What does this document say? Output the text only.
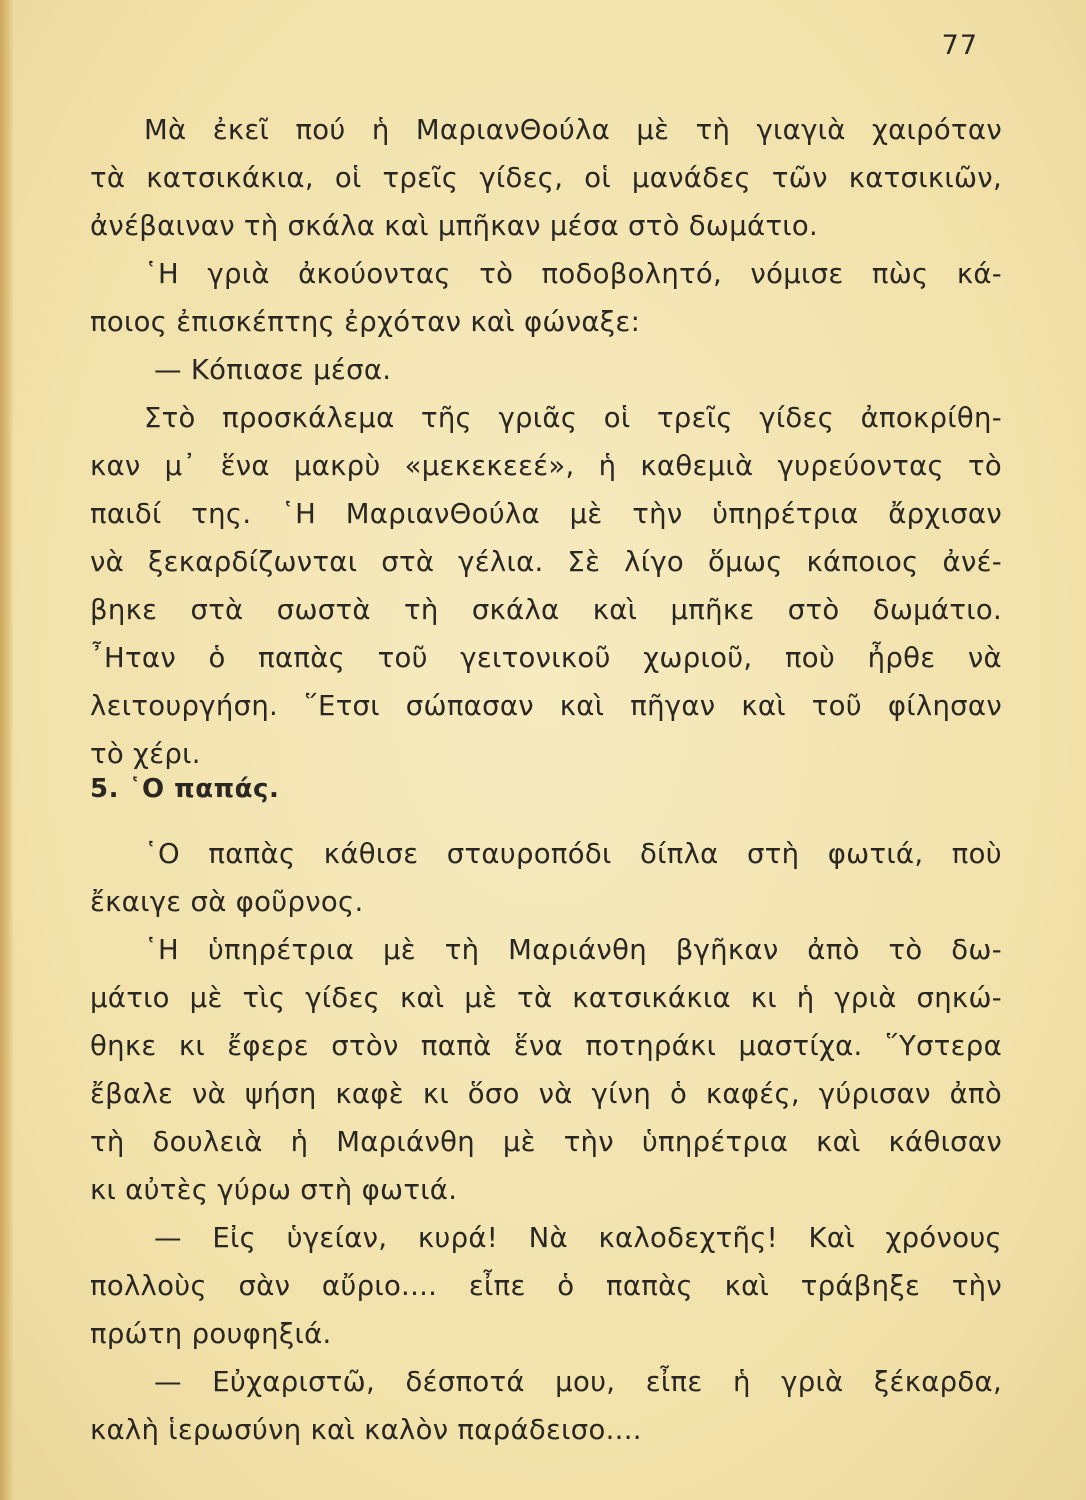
77
Μὰ ἐκεῖ πού ἡ ΜαριανΘούλα μὲ τὴ γιαγιὰ χαιρόταν
τὰ κατσικάκια, οἱ τρεῖς γίδες, οἱ μανάδες τῶν κατσικιῶν,
ἀνέβαιναν τὴ σκάλα καὶ μπῆκαν μέσα στὸ δωμάτιο.
῾Η γριὰ ἀκούοντας τὸ ποδοβολητό, νόμισε πὼς κά-
ποιος ἐπισκέπτης ἐρχόταν καὶ φώναξε:
— Κόπιασε μέσα.
Στὸ προσκάλεμα τῆς γριᾶς οἱ τρεῖς γίδες ἀποκρίθη-
καν μ᾽ ἕνα μακρὺ «μεκεκεεέ», ἡ καθεμιὰ γυρεύοντας τὸ
παιδί της. ῾Η ΜαριανΘούλα μὲ τὴν ὑπηρέτρια ἄρχισαν
νὰ ξεκαρδίζωνται στὰ γέλια. Σὲ λίγο ὅμως κάποιος ἀνέ-
βηκε στὰ σωστὰ τὴ σκάλα καὶ μπῆκε στὸ δωμάτιο.
῏Ηταν ὁ παπὰς τοῦ γειτονικοῦ χωριοῦ, ποὺ ἦρθε νὰ
λειτουργήση. ῞Ετσι σώπασαν καὶ πῆγαν καὶ τοῦ φίλησαν
τὸ χέρι.
5. ῾Ο παπάς.
῾Ο παπὰς κάθισε σταυροπόδι δίπλα στὴ φωτιά, ποὺ
ἔκαιγε σὰ φοῦρνος.
῾Η ὑπηρέτρια μὲ τὴ Μαριάνθη βγῆκαν ἀπὸ τὸ δω-
μάτιο μὲ τὶς γίδες καὶ μὲ τὰ κατσικάκια κι ἡ γριὰ σηκώ-
θηκε κι ἔφερε στὸν παπὰ ἕνα ποτηράκι μαστίχα. ῞Υστερα
ἔβαλε νὰ ψήση καφὲ κι ὅσο νὰ γίνη ὁ καφές, γύρισαν ἀπὸ
τὴ δουλειὰ ἡ Μαριάνθη μὲ τὴν ὑπηρέτρια καὶ κάθισαν
κι αὐτὲς γύρω στὴ φωτιά.
— Εἰς ὑγείαν, κυρά! Νὰ καλοδεχτῆς! Καὶ χρόνους
πολλοὺς σὰν αὔριο.... εἶπε ὁ παπὰς καὶ τράβηξε τὴν
πρώτη ρουφηξιά.
— Εὐχαριστῶ, δέσποτά μου, εἶπε ἡ γριὰ ξέκαρδα,
καλὴ ἱερωσύνη καὶ καλὸν παράδεισο....
